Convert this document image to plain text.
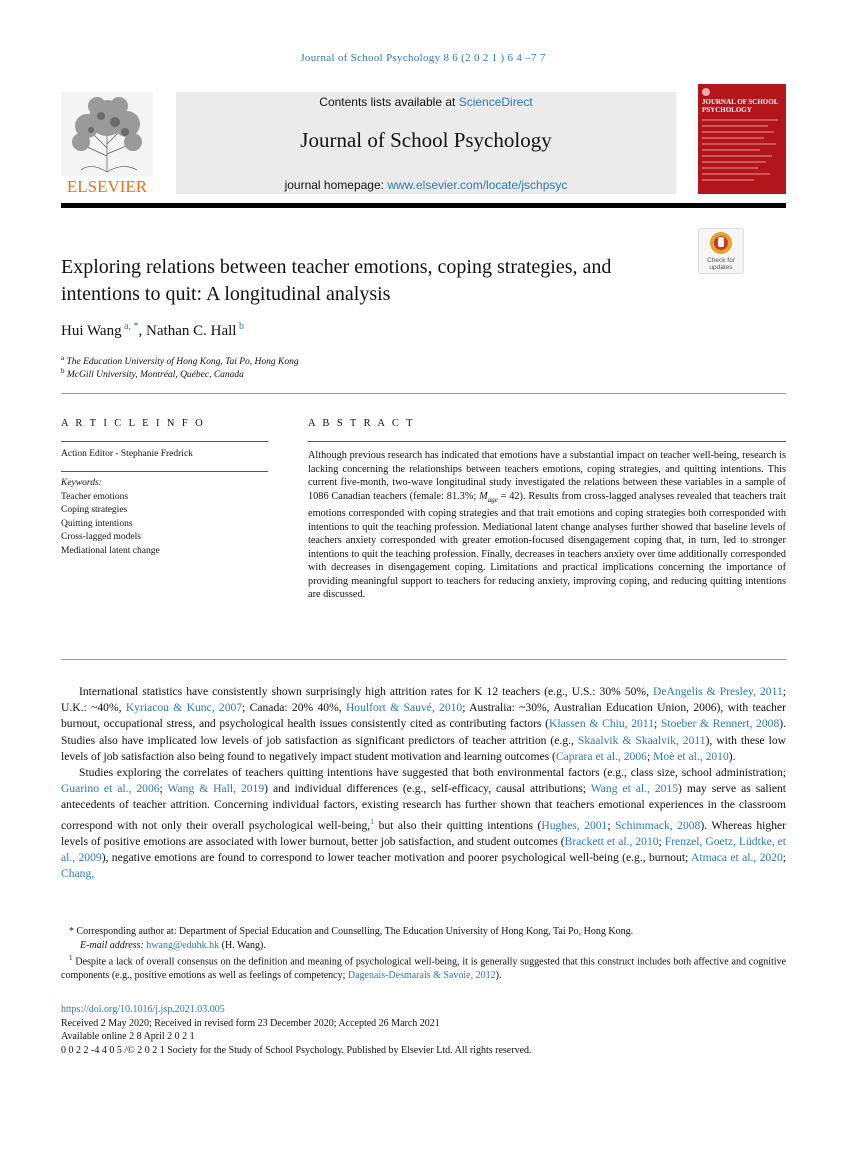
Journal of School Psychology 8 6 (2 0 2 1 ) 6 4 –7 7
ELSEVIER
Contents lists available at ScienceDirect
Journal of School Psychology
journal homepage: www.elsevier.com/locate/jschpsyc
JOURNAL OF SCHOOL PSYCHOLOGY
Check for updates
Exploring relations between teacher emotions, coping strategies, and intentions to quit: A longitudinal analysis
Hui Wang $^{a, *}$, Nathan C. Hall $^b$
$^a$ The Education University of Hong Kong, Tai Po, Hong Kong
$^b$ McGill University, Montréal, Québec, Canada
A R T I C L E I N F O
Action Editor - Stephanie Fredrick
Keywords:
Teacher emotions
Coping strategies
Quitting intentions
Cross-lagged models
Mediational latent change
A B S T R A C T
Although previous research has indicated that emotions have a substantial impact on teacher well-being, research is lacking concerning the relationships between teachers emotions, coping strategies, and quitting intentions. This current five-month, two-wave longitudinal study investigated the relations between these variables in a sample of 1086 Canadian teachers (female: 81.3%; $M_{age} = 42$). Results from cross-lagged analyses revealed that teachers trait emotions corresponded with coping strategies and that trait emotions and coping strategies both corresponded with intentions to quit the teaching profession. Mediational latent change analyses further showed that baseline levels of teachers anxiety corresponded with greater emotion-focused disengagement coping that, in turn, led to stronger intentions to quit the teaching profession. Finally, decreases in teachers anxiety over time additionally corresponded with decreases in disengagement coping. Limitations and practical implications concerning the importance of providing meaningful support to teachers for reducing anxiety, improving coping, and reducing quitting intentions are discussed.

International statistics have consistently shown surprisingly high attrition rates for K 12 teachers (e.g., U.S.: 30% 50%, DeAngelis & Presley, 2011; U.K.: ~40%, Kyriacou & Kunc, 2007; Canada: 20% 40%, Houlfort & Sauvé, 2010; Australia: ~30%, Australian Education Union, 2006), with teacher burnout, occupational stress, and psychological health issues consistently cited as contributing factors (Klassen & Chiu, 2011; Stoeber & Rennert, 2008). Studies also have implicated low levels of job satisfaction as significant predictors of teacher attrition (e.g., Skaalvik & Skaalvik, 2011), with these low levels of job satisfaction also being found to negatively impact student motivation and learning outcomes (Caprara et al., 2006; Moè et al., 2010).

Studies exploring the correlates of teachers quitting intentions have suggested that both environmental factors (e.g., class size, school administration; Guarino et al., 2006; Wang & Hall, 2019) and individual differences (e.g., self-efficacy, causal attributions; Wang et al., 2015) may serve as salient antecedents of teacher attrition. Concerning individual factors, existing research has further shown that teachers emotional experiences in the classroom correspond with not only their overall psychological well-being,$^1$ but also their quitting intentions (Hughes, 2001; Schimmack, 2008). Whereas higher levels of positive emotions are associated with lower burnout, better job satisfaction, and student outcomes (Brackett et al., 2010; Frenzel, Goetz, Lüdtke, et al., 2009), negative emotions are found to correspond to lower teacher motivation and poorer psychological well-being (e.g., burnout; Atmaca et al., 2020; Chang,

* Corresponding author at: Department of Special Education and Counselling, The Education University of Hong Kong, Tai Po, Hong Kong.

E-mail address: hwang@eduhk.hk (H. Wang).

$^1$ Despite a lack of overall consensus on the definition and meaning of psychological well-being, it is generally suggested that this construct includes both affective and cognitive components (e.g., positive emotions as well as feelings of competency; Dagenais-Desmarais & Savoie, 2012).

https://doi.org/10.1016/j.jsp.2021.03.005
Received 2 May 2020; Received in revised form 23 December 2020; Accepted 26 March 2021
Available online 2 8 April 2 0 2 1
0 0 2 2 -4 4 0 5 /© 2 0 2 1 Society for the Study of School Psychology. Published by Elsevier Ltd. All rights reserved.
